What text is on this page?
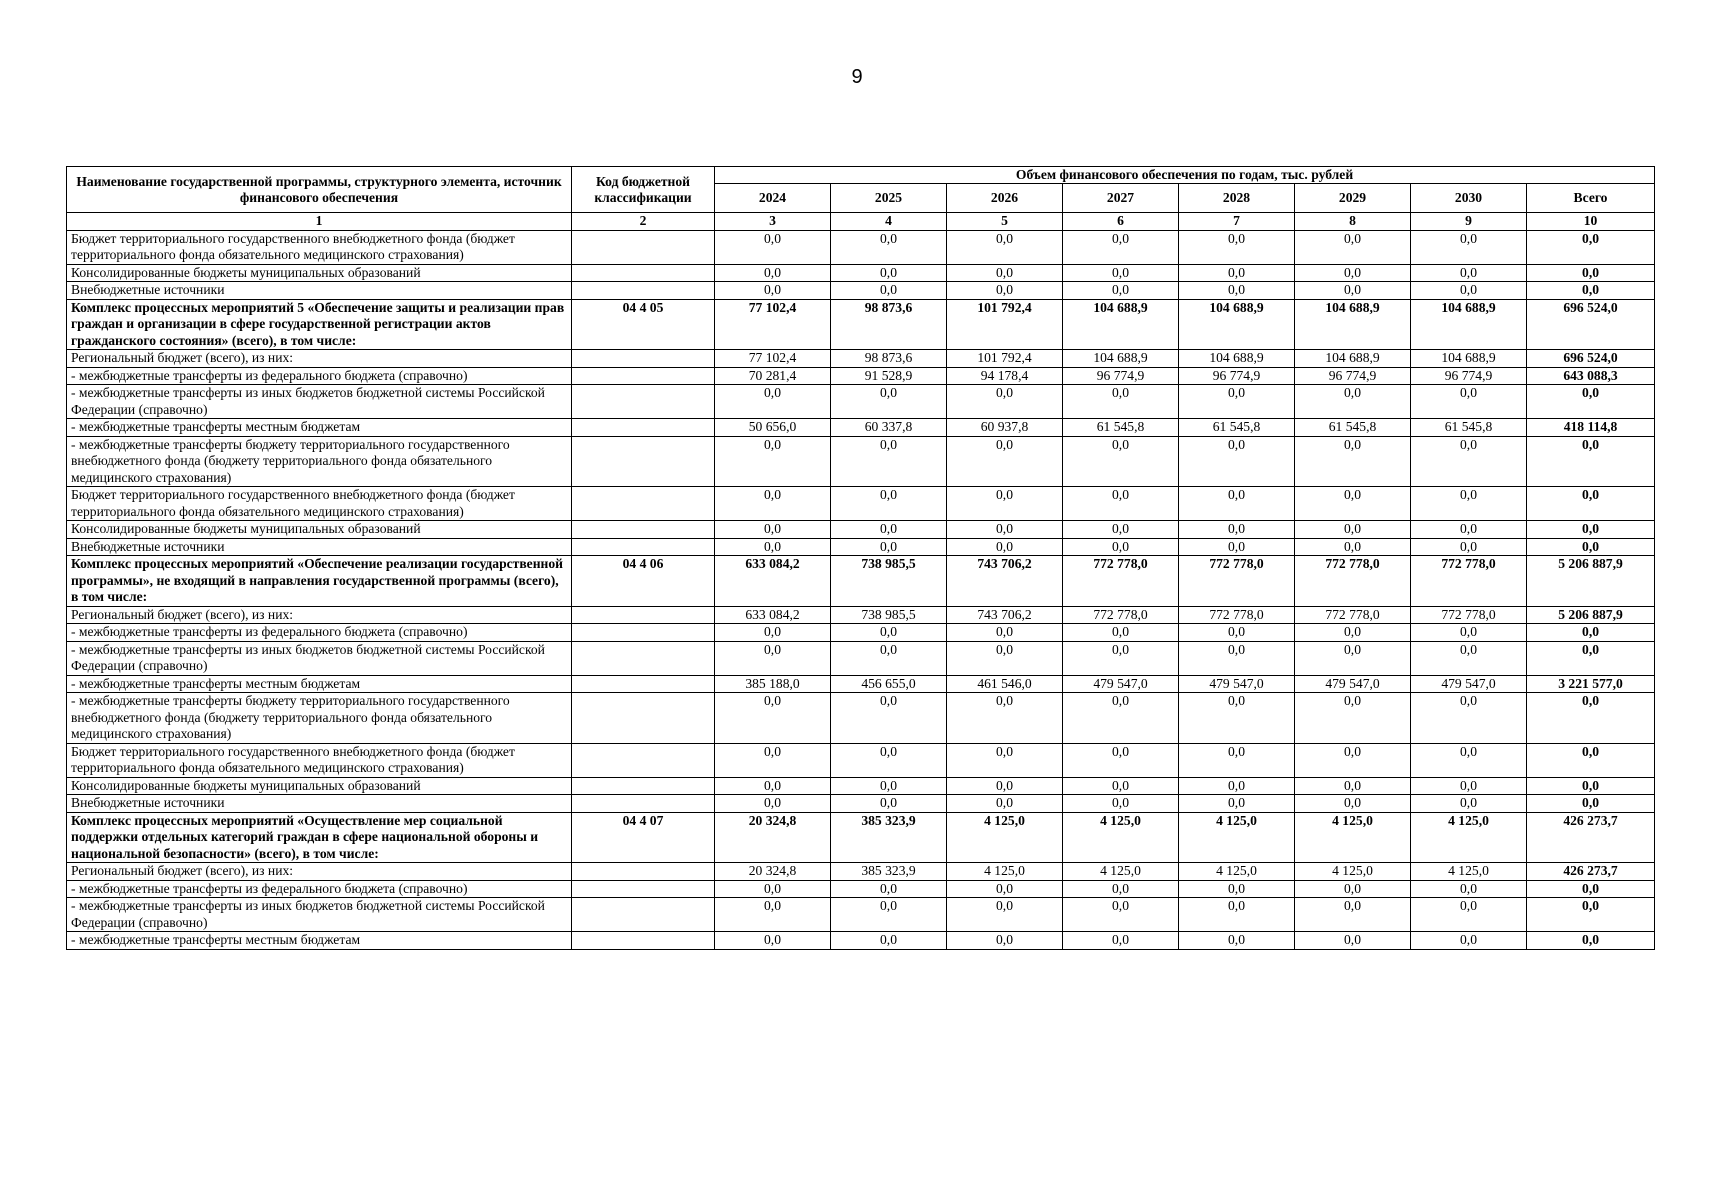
9
Наименование государственной программы, структурного элемента, источник финансового обеспечения	Код бюджетной классификации	Объем финансового обеспечения по годам, тыс. рублей							
		2024	2025	2026	2027	2028	2029	2030	Всего
1	2	3	4	5	6	7	8	9	10
Бюджет территориального государственного внебюджетного фонда (бюджет территориального фонда обязательного медицинского страхования)		0,0	0,0	0,0	0,0	0,0	0,0	0,0	0,0
Консолидированные бюджеты муниципальных образований		0,0	0,0	0,0	0,0	0,0	0,0	0,0	0,0
Внебюджетные источники		0,0	0,0	0,0	0,0	0,0	0,0	0,0	0,0
Комплекс процессных мероприятий 5 «Обеспечение защиты и реализации прав граждан и организации в сфере государственной регистрации актов гражданского состояния» (всего), в том числе:	04 4 05	77 102,4	98 873,6	101 792,4	104 688,9	104 688,9	104 688,9	104 688,9	696 524,0
Региональный бюджет (всего), из них:		77 102,4	98 873,6	101 792,4	104 688,9	104 688,9	104 688,9	104 688,9	696 524,0
- межбюджетные трансферты из федерального бюджета (справочно)		70 281,4	91 528,9	94 178,4	96 774,9	96 774,9	96 774,9	96 774,9	643 088,3
- межбюджетные трансферты из иных бюджетов бюджетной системы Российской Федерации (справочно)		0,0	0,0	0,0	0,0	0,0	0,0	0,0	0,0
- межбюджетные трансферты местным бюджетам		50 656,0	60 337,8	60 937,8	61 545,8	61 545,8	61 545,8	61 545,8	418 114,8
- межбюджетные трансферты бюджету территориального государственного внебюджетного фонда (бюджету территориального фонда обязательного медицинского страхования)		0,0	0,0	0,0	0,0	0,0	0,0	0,0	0,0
Бюджет территориального государственного внебюджетного фонда (бюджет территориального фонда обязательного медицинского страхования)		0,0	0,0	0,0	0,0	0,0	0,0	0,0	0,0
Консолидированные бюджеты муниципальных образований		0,0	0,0	0,0	0,0	0,0	0,0	0,0	0,0
Внебюджетные источники		0,0	0,0	0,0	0,0	0,0	0,0	0,0	0,0
Комплекс процессных мероприятий «Обеспечение реализации государственной программы», не входящий в направления государственной программы (всего), в том числе:	04 4 06	633 084,2	738 985,5	743 706,2	772 778,0	772 778,0	772 778,0	772 778,0	5 206 887,9
Региональный бюджет (всего), из них:		633 084,2	738 985,5	743 706,2	772 778,0	772 778,0	772 778,0	772 778,0	5 206 887,9
- межбюджетные трансферты из федерального бюджета (справочно)		0,0	0,0	0,0	0,0	0,0	0,0	0,0	0,0
- межбюджетные трансферты из иных бюджетов бюджетной системы Российской Федерации (справочно)		0,0	0,0	0,0	0,0	0,0	0,0	0,0	0,0
- межбюджетные трансферты местным бюджетам		385 188,0	456 655,0	461 546,0	479 547,0	479 547,0	479 547,0	479 547,0	3 221 577,0
- межбюджетные трансферты бюджету территориального государственного внебюджетного фонда (бюджету территориального фонда обязательного медицинского страхования)		0,0	0,0	0,0	0,0	0,0	0,0	0,0	0,0
Бюджет территориального государственного внебюджетного фонда (бюджет территориального фонда обязательного медицинского страхования)		0,0	0,0	0,0	0,0	0,0	0,0	0,0	0,0
Консолидированные бюджеты муниципальных образований		0,0	0,0	0,0	0,0	0,0	0,0	0,0	0,0
Внебюджетные источники		0,0	0,0	0,0	0,0	0,0	0,0	0,0	0,0
Комплекс процессных мероприятий «Осуществление мер социальной поддержки отдельных категорий граждан в сфере национальной обороны и национальной безопасности» (всего), в том числе:	04 4 07	20 324,8	385 323,9	4 125,0	4 125,0	4 125,0	4 125,0	4 125,0	426 273,7
Региональный бюджет (всего), из них:		20 324,8	385 323,9	4 125,0	4 125,0	4 125,0	4 125,0	4 125,0	426 273,7
- межбюджетные трансферты из федерального бюджета (справочно)		0,0	0,0	0,0	0,0	0,0	0,0	0,0	0,0
- межбюджетные трансферты из иных бюджетов бюджетной системы Российской Федерации (справочно)		0,0	0,0	0,0	0,0	0,0	0,0	0,0	0,0
- межбюджетные трансферты местным бюджетам		0,0	0,0	0,0	0,0	0,0	0,0	0,0	0,0
